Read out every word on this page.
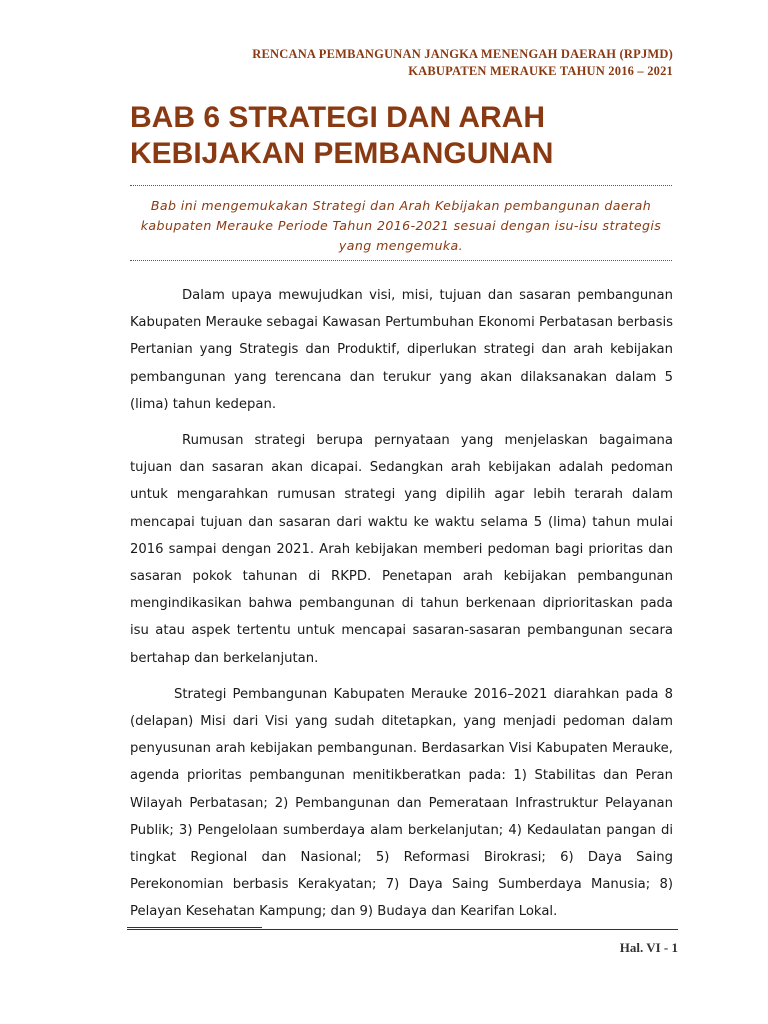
RENCANA PEMBANGUNAN JANGKA MENENGAH DAERAH (RPJMD)
KABUPATEN MERAUKE TAHUN 2016 – 2021
BAB 6 STRATEGI DAN ARAH
KEBIJAKAN PEMBANGUNAN
Bab ini mengemukakan Strategi dan Arah Kebijakan pembangunan daerah kabupaten Merauke Periode Tahun 2016-2021 sesuai dengan isu-isu strategis yang mengemuka.

Dalam upaya mewujudkan visi, misi, tujuan dan sasaran pembangunan Kabupaten Merauke sebagai Kawasan Pertumbuhan Ekonomi Perbatasan berbasis Pertanian yang Strategis dan Produktif, diperlukan strategi dan arah kebijakan pembangunan yang terencana dan terukur yang akan dilaksanakan dalam 5 (lima) tahun kedepan.

Rumusan strategi berupa pernyataan yang menjelaskan bagaimana tujuan dan sasaran akan dicapai. Sedangkan arah kebijakan adalah pedoman untuk mengarahkan rumusan strategi yang dipilih agar lebih terarah dalam mencapai tujuan dan sasaran dari waktu ke waktu selama 5 (lima) tahun mulai 2016 sampai dengan 2021. Arah kebijakan memberi pedoman bagi prioritas dan sasaran pokok tahunan di RKPD. Penetapan arah kebijakan pembangunan mengindikasikan bahwa pembangunan di tahun berkenaan diprioritaskan pada isu atau aspek tertentu untuk mencapai sasaran-sasaran pembangunan secara bertahap dan berkelanjutan.

Strategi Pembangunan Kabupaten Merauke 2016–2021 diarahkan pada 8 (delapan) Misi dari Visi yang sudah ditetapkan, yang menjadi pedoman dalam penyusunan arah kebijakan pembangunan. Berdasarkan Visi Kabupaten Merauke, agenda prioritas pembangunan menitikberatkan pada: 1) Stabilitas dan Peran Wilayah Perbatasan; 2) Pembangunan dan Pemerataan Infrastruktur Pelayanan Publik; 3) Pengelolaan sumberdaya alam berkelanjutan; 4) Kedaulatan pangan di tingkat Regional dan Nasional; 5) Reformasi Birokrasi; 6) Daya Saing Perekonomian berbasis Kerakyatan; 7) Daya Saing Sumberdaya Manusia; 8) Pelayan Kesehatan Kampung; dan 9) Budaya dan Kearifan Lokal.

Hal. VI - 1
